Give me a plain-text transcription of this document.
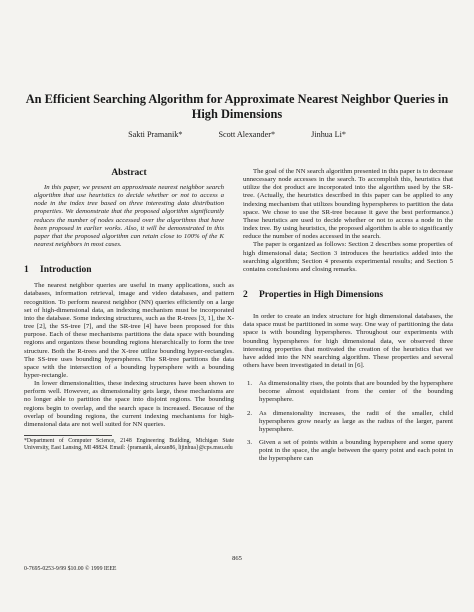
An Efficient Searching Algorithm for Approximate Nearest Neighbor Queries in High Dimensions
Sakti Pramanik*	Scott Alexander*	Jinhua Li*
Abstract

In this paper, we present an approximate nearest neighbor search algorithm that use heuristics to decide whether or not to access a node in the index tree based on three interesting data distribution properties. We demonstrate that the proposed algorithm significantly reduces the number of nodes accessed over the algorithms that have been proposed in earlier works. Also, it will be demonstrated in this paper that the proposed algorithm can retain close to 100% of the K nearest neighbors in most cases.

1 Introduction

The nearest neighbor queries are useful in many applications, such as databases, information retrieval, image and video databases, and pattern recognition. To perform nearest neighbor (NN) queries efficiently on a large set of high-dimensional data, an indexing mechanism must be incorporated into the database. Some indexing structures, such as the R-trees [3, 1], the X-tree [2], the SS-tree [7], and the SR-tree [4] have been proposed for this purpose. Each of these mechanisms partitions the data space with bounding regions and organizes these bounding regions hierarchically to form the tree structure. Both the R-trees and the X-tree utilize bounding hyper-rectangles. The SS-tree uses bounding hyperspheres. The SR-tree partitions the data space with the intersection of a bounding hypersphere with a bounding hyper-rectangle.

In lower dimensionalities, these indexing structures have been shown to perform well. However, as dimensionality gets large, these mechanisms are no longer able to partition the space into disjoint regions. The bounding regions begin to overlap, and the search space is increased. Because of the overlap of bounding regions, the current indexing mechanisms for high-dimensional data are not well suited for NN queries.

*Department of Computer Science, 2148 Engineering Building, Michigan State University, East Lansing, MI 48824. Email: {pramanik, alexan86, lijinhua}@cps.msu.edu

The goal of the NN search algorithm presented in this paper is to decrease unnecessary node accesses in the search. To accomplish this, heuristics that utilize the dot product are incorporated into the algorithm used by the SR-tree. (Actually, the heuristics described in this paper can be applied to any indexing mechanism that utilizes bounding hyperspheres to partition the data space. We chose to use the SR-tree because it gave the best performance.) These heuristics are used to decide whether or not to access a node in the index tree. By using heuristics, the proposed algorithm is able to significantly reduce the number of nodes accessed in the search.

The paper is organized as follows: Section 2 describes some properties of high dimensional data; Section 3 introduces the heuristics added into the searching algorithm; Section 4 presents experimental results; and Section 5 contains conclusions and closing remarks.

2 Properties in High Dimensions

In order to create an index structure for high dimensional databases, the data space must be partitioned in some way. One way of partitioning the data space is with bounding hyperspheres. Throughout our experiments with bounding hyperspheres for high dimensional data, we observed three interesting properties that motivated the creation of the heuristics that we have added into the NN searching algorithm. These properties and several others have been investigated in detail in [6].

1. As dimensionality rises, the points that are bounded by the hypersphere become almost equidistant from the center of the bounding hypersphere.
2. As dimensionality increases, the radii of the smaller, child hyperspheres grow nearly as large as the radius of the larger, parent hypersphere.
3. Given a set of points within a bounding hypersphere and some query point in the space, the angle between the query point and each point in the hypersphere can
865
0-7695-0253-9/99 $10.00 © 1999 IEEE
